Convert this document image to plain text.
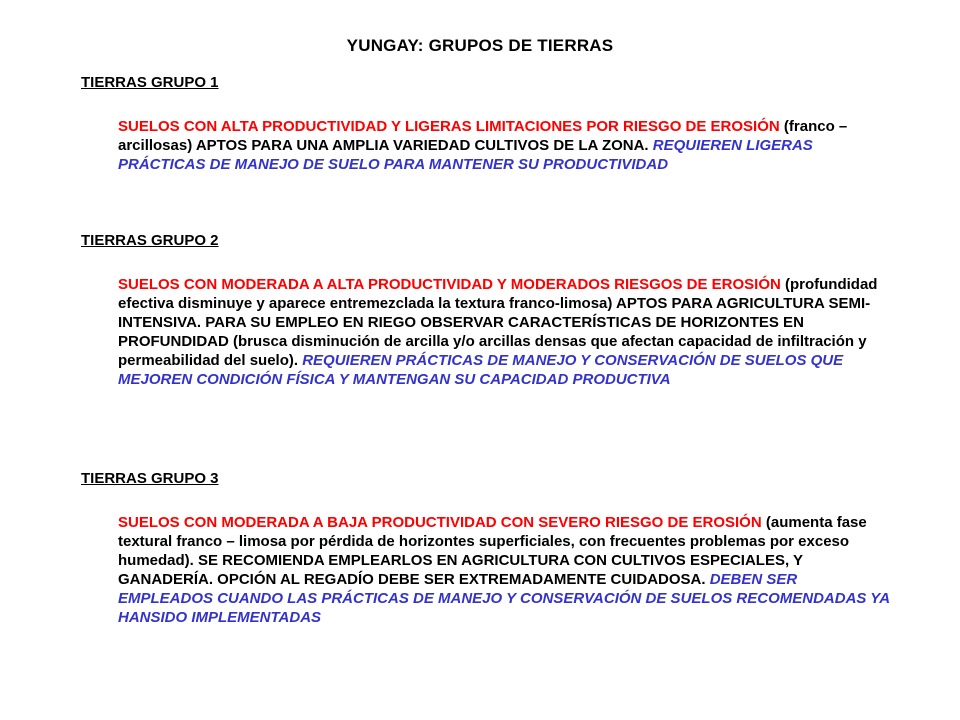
YUNGAY: GRUPOS DE TIERRAS
TIERRAS GRUPO 1
SUELOS CON ALTA PRODUCTIVIDAD Y LIGERAS LIMITACIONES POR RIESGO DE EROSIÓN (franco – arcillosas) APTOS PARA UNA AMPLIA VARIEDAD CULTIVOS DE LA ZONA. REQUIEREN LIGERAS PRÁCTICAS DE MANEJO DE SUELO PARA MANTENER SU PRODUCTIVIDAD
TIERRAS GRUPO 2
SUELOS CON MODERADA A ALTA PRODUCTIVIDAD Y MODERADOS RIESGOS DE EROSIÓN (profundidad efectiva disminuye y aparece entremezclada la textura franco-limosa) APTOS PARA AGRICULTURA SEMI-INTENSIVA. PARA SU EMPLEO EN RIEGO OBSERVAR CARACTERÍSTICAS DE HORIZONTES EN PROFUNDIDAD (brusca disminución de arcilla y/o arcillas densas que afectan capacidad de infiltración y permeabilidad del suelo). REQUIEREN PRÁCTICAS DE MANEJO Y CONSERVACIÓN DE SUELOS QUE MEJOREN CONDICIÓN FÍSICA Y MANTENGAN SU CAPACIDAD PRODUCTIVA
TIERRAS GRUPO 3
SUELOS CON MODERADA A BAJA PRODUCTIVIDAD CON SEVERO RIESGO DE EROSIÓN (aumenta fase textural franco – limosa por pérdida de horizontes superficiales, con frecuentes problemas por exceso humedad). SE RECOMIENDA EMPLEARLOS EN AGRICULTURA CON CULTIVOS ESPECIALES, Y GANADERÍA. OPCIÓN AL REGADÍO DEBE SER EXTREMADAMENTE CUIDADOSA. DEBEN SER EMPLEADOS CUANDO LAS PRÁCTICAS DE MANEJO Y CONSERVACIÓN DE SUELOS RECOMENDADAS YA HANSIDO IMPLEMENTADAS
